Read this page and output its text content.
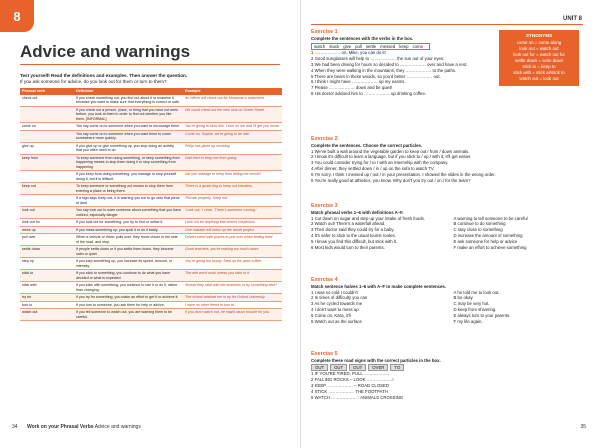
8
Advice and warnings
Test yourself! Read the definitions and examples. Then answer the question.
If you ask someone for advice, do you look out for them or turn to them?
Phrasal verb	Definition	Example
check out	If you check something out, you find out about it or examine it because you want to make sure that everything is correct or safe.	An officer will check out Mr Mossman's statement.
	If you check out a person, place, or thing that you have not seen before, you look at them in order to find out whether you like them. [INFORMAL]	We could check out the new club on Green Street.
come on	You say come on to someone when you want to encourage them.	You're going to blow this. Leon on me and I'll get you home.
	You say come on to someone when you want them to come somewhere more quickly.	Come on, Sophie, we're going to be late.
give up	If you give up or give something up, you stop doing an activity that you often used to do.	Philip has given up smoking.
keep from	To keep someone from doing something, or keep something from happening means to stop them doing it or stop something from happening.	Dad tried to keep me from going.
	If you keep from doing something, you manage to stop yourself doing it, but it is difficult.	Did you manage to keep from telling the secret?
keep out	To keep someone or something out means to stop them from entering a place or being there.	There is a guard dog to keep out intruders.
	If a sign says Keep out, it is warning you not to go onto that piece of land.	'Private property. Keep out.'
look out	You say look out to warn someone about something that you have noticed, especially danger.	'Look out,' I cried. 'There's someone coming.'
look out for	If you look out for something, you try to find or notice it.	Look out for anything that seems suspicious.
mess up	If you mess something up, you spoil it or do it badly.	One mistake will mess up the whole project.
pull over	When a vehicle or driver pulls over, they move closer to the side of the road, and stop.	Drivers need safe places to pull over when feeling tired.
settle down	If people settle down or if you settle them down, they become calm or quiet.	Good teachers, you're making too much noise.
step up	If you step something up, you increase its speed, amount, or intensity.	You're going too slowly. Step up the pace a little.
stick to	If you stick to something, you continue to do what you have decided or what is expected.	The diet won't work unless you stick to it.
stick with	If you stick with something, you continue to use it or do it, rather than changing.	Should they stick with the business or try something else?
try for	If you try for something, you make an effort to get it or achieve it.	The school advised me to try for Oxford University.
turn to	If you turn to someone, you ask them for help or advice.	I have no other friend to turn to.
watch out	If you tell someone to watch out, you are warning them to be careful.	If you don't watch out, he might cause trouble for you.
34 Work on your Phrasal Verbs Advice and warnings
UNIT 8
SYNONYMS
come on = come along
look out = watch out
look out for = watch out for
settle down = calm down
stick to = keep to
stick with = stick at/stick to
watch out = look out
Exercise 1
Complete the sentences with the verbs in the box.
watch stuck give pull settle messed keep come
1 ……………… on, Mike, you can do it!
2 Good sunglasses will help to ……………… the sun out of your eyes.
3 We had been driving for hours so decided to ……………… over and have a rest.
4 When they were walking in the mountains, they ……………… to the paths.
5 There are bears in these woods, so you'd better ……………… out.
6 I think I might have ……………… up my exams.
7 Please ……………… down and be quiet!
8 His doctor advised him to ……………… up drinking coffee.
Exercise 2
Complete the sentences. Choose the correct particles.
1 We've built a wall around the vegetable garden to keep out / from / down animals.
2 I know it's difficult to learn a language, but if you stick to / up / with it, it'll get easier.
3 You could consider trying for / to / with an internship with the company.
4 After dinner, they settled down / in / up on the sofa to watch TV.
5 I'm sorry. I think I messed up / out / in your presentation. I showed the slides in the wrong order.
6 You're really good at athletics, you know. Why don't you try out / on / for the team?
Exercise 3
Match phrasal verbs 1–6 with definitions A–F.
1 Cut down on sugar and step up your intake of fresh foods.
2 Watch out! There's a waterfall ahead.
3 Their doctor said they could try for a baby.
4 It's safer to stick to the usual tourist routes.
5 I know you find this difficult, but stick with it.
6 Most kids would turn to their parents.
A warning to tell someone to be careful
B continue to do something
C stay close to something
D increase the amount of something
E ask someone for help or advice
F make an effort to achieve something
Exercise 4
Match sentence halves 1–6 with A–F to make complete sentences.
1 I was so cold I couldn't
2 In times of difficulty you can
3 As he cycled towards me
4 I don't want to mess up
5 Come on, Kara, it'll
6 Watch out as the surface
A he told me to look out.
B be okay.
C may be very hot.
D keep from shivering.
E always turn to your parents.
F my life again.
Exercise 5
Complete these road signs with the correct particles in the box.
OUT OUT OUT OVER TO
1 IF YOU'RE TIRED, PULL ………………
2 FALLING ROCKS – LOOK ………………!
3 KEEP ……………… – ROAD CLOSED
4 STICK ……………… THE FOOTPATH
5 WATCH ……………… : ANIMALS CROSSING
35
